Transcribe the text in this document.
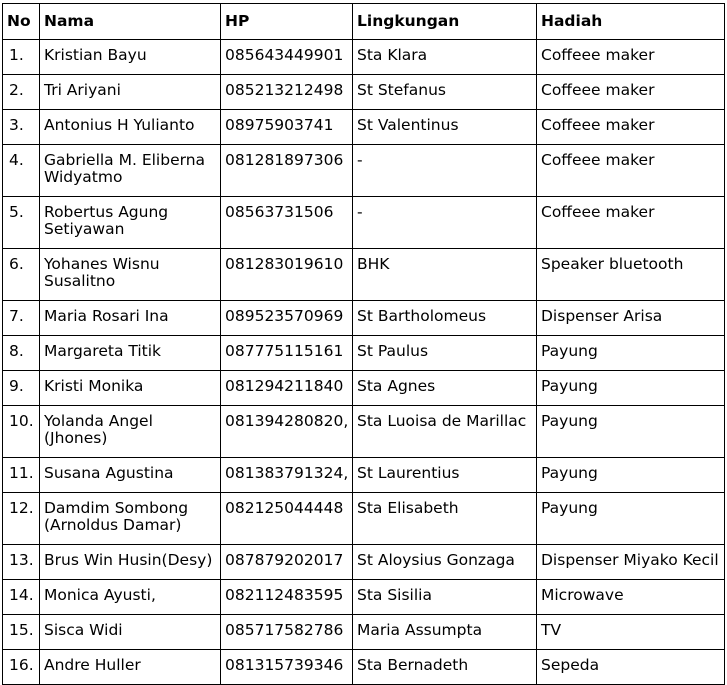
No	Nama	HP	Lingkungan	Hadiah
1.	Kristian Bayu	085643449901	Sta Klara	Coffeee maker
2.	Tri Ariyani	085213212498	St Stefanus	Coffeee maker
3.	Antonius H Yulianto	08975903741	St Valentinus	Coffeee maker
4.	Gabriella M. Eliberna Widyatmo	081281897306	-	Coffeee maker
5.	Robertus Agung Setiyawan	08563731506	-	Coffeee maker
6.	Yohanes Wisnu Susalitno	081283019610	BHK	Speaker bluetooth
7.	Maria Rosari Ina	089523570969	St Bartholomeus	Dispenser Arisa
8.	Margareta Titik	087775115161	St Paulus	Payung
9.	Kristi Monika	081294211840	Sta Agnes	Payung
10.	Yolanda Angel (Jhones)	081394280820,	Sta Luoisa de Marillac	Payung
11.	Susana Agustina	081383791324,	St Laurentius	Payung
12.	Damdim Sombong (Arnoldus Damar)	082125044448	Sta Elisabeth	Payung
13.	Brus Win Husin(Desy)	087879202017	St Aloysius Gonzaga	Dispenser Miyako Kecil
14.	Monica Ayusti,	082112483595	Sta Sisilia	Microwave
15.	Sisca Widi	085717582786	Maria Assumpta	TV
16.	Andre Huller	081315739346	Sta Bernadeth	Sepeda
